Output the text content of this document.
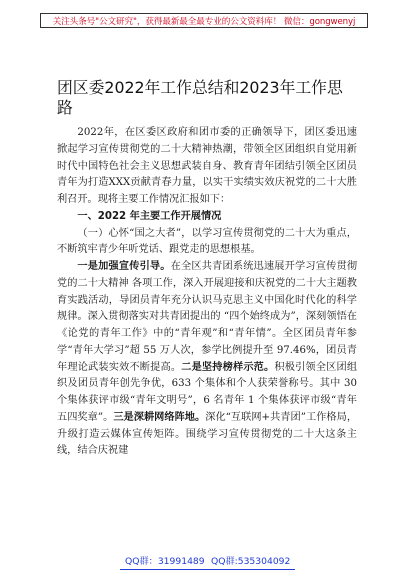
关注头条号"公文研究"，获得最新最全最专业的公文资料库！ 微信：gongwenyj
团区委2022年工作总结和2023年工作思路

2022年，在区委区政府和团市委的正确领导下，团区委迅速掀起学习宣传贯彻党的二十大精神热潮，带领全区团组织自觉用新时代中国特色社会主义思想武装自身、教育青年团结引领全区团员青年为打造XXX贡献青春力量，以实干实绩实效庆祝党的二十大胜利召开。现将主要工作情况汇报如下：

一、2022 年主要工作开展情况

（一）心怀“国之大者”，以学习宣传贯彻党的二十大为重点，不断筑牢青少年听党话、跟党走的思想根基。

一是加强宣传引导。在全区共青团系统迅速展开学习宣传贯彻党的二十大精神 各项工作，深入开展迎接和庆祝党的二十大主题教育实践活动，导团员青年充分认识马克思主义中国化时代化的科学规律。深入贯彻落实对共青团提出的 “四个始终成为”，深刻领悟在《论党的青年工作》中的“青年观”和“青年情”。全区团员青年参学“青年大学习”超 55 万人次，参学比例提升至 97.46%，团员青年理论武装实效不断提高。二是坚持榜样示范。积极引领全区团组织及团员青年创先争优，633 个集体和个人获荣誉称号。其中 30 个集体获评市级“青年文明号”，6 名青年 1 个集体获评市级“青年五四奖章”。三是深耕网络阵地。深化“互联网+共青团”工作格局，升级打造云媒体宣传矩阵。围绕学习宣传贯彻党的二十大这条主线，结合庆祝建

QQ群：31991489 QQ群:535304092
